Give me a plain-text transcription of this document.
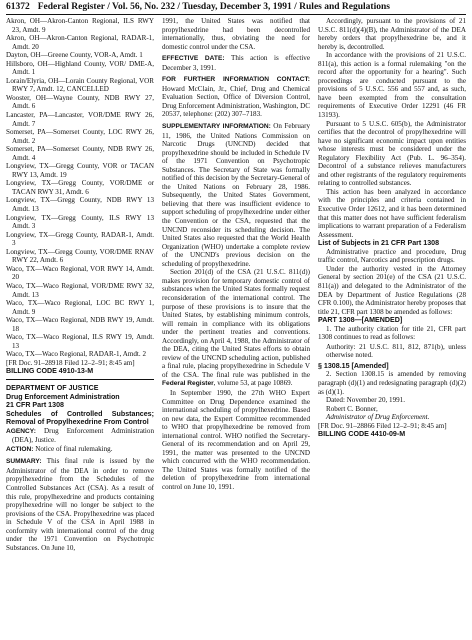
61372 Federal Register / Vol. 56, No. 232 / Tuesday, December 3, 1991 / Rules and Regulations

Akron, OH—Akron-Canton Regional, ILS RWY 23, Amdt. 9

Akron, OH—Akron-Canton Regional, RADAR-1, Amdt. 20

Dayton, OH—Greene County, VOR-A, Amdt. 1

Hillsboro, OH—Highland County, VOR/ DME-A, Amdt. 1

Lorain/Elyria, OH—Lorain County Regional, VOR RWY 7, Amdt. 12, CANCELLED

Wooster, OH—Wayne County, NDB RWY 27, Amdt. 6

Lancaster, PA—Lancaster, VOR/DME RWY 26, Amdt. 7

Somerset, PA—Somerset County, LOC RWY 26, Amdt. 2

Somerset, PA—Somerset County, NDB RWY 26, Amdt. 4

Longview, TX—Gregg County, VOR or TACAN RWY 13, Amdt. 19

Longview, TX—Gregg County, VOR/DME or TACAN RWY 31, Amdt. 6

Longview, TX—Gregg County, NDB RWY 13 Amdt. 13

Longview, TX—Gregg County, ILS RWY 13 Amdt. 3

Longview, TX—Gregg County, RADAR-1, Amdt. 3

Longview, TX—Gregg County, VOR/DME RNAV RWY 22, Amdt. 6

Waco, TX—Waco Regional, VOR RWY 14, Amdt. 20

Waco, TX—Waco Regional, VOR/DME RWY 32, Amdt. 13

Waco, TX—Waco Regional, LOC BC RWY 1, Amdt. 9

Waco, TX—Waco Regional, NDB RWY 19, Amdt. 18

Waco, TX—Waco Regional, ILS RWY 19, Amdt. 13

Waco, TX—Waco Regional, RADAR-1, Amdt. 2

[FR Doc. 91–28918 Filed 12–2–91; 8:45 am]

BILLING CODE 4910-13-M

DEPARTMENT OF JUSTICE

Drug Enforcement Administration

21 CFR Part 1308

Schedules of Controlled Substances; Removal of Propylhexedrine From Control

AGENCY: Drug Enforcement Administration (DEA), Justice.

ACTION: Notice of final rulemaking.

SUMMARY: This final rule is issued by the Administrator of the DEA in order to remove propylhexedrine from the Schedules of the Controlled Substances Act (CSA). As a result of this rule, propylhexedrine and products containing propylhexedrine will no longer be subject to the provisions of the CSA. Propylhexedrine was placed in Schedule V of the CSA in April 1988 in conformity with international control of the drug under the 1971 Convention on Psychotropic Substances. On June 10,

1991, the United States was notified that propylhexedrine had been decontrolled internationally, thus, obviating the need for domestic control under the CSA.

EFFECTIVE DATE: This action is effective December 3, 1991.

FOR FURTHER INFORMATION CONTACT: Howard McClain, Jr., Chief, Drug and Chemical Evaluation Section, Office of Diversion Control, Drug Enforcement Administration, Washington, DC 20537, telephone: (202) 307–7183.

SUPPLEMENTARY INFORMATION: On February 11, 1986, the United Nations Commission on Narcotic Drugs (UNCND) decided that propylhexedrine should be included in Schedule IV of the 1971 Convention on Psychotropic Substances. The Secretary of State was formally notified of this decision by the Secretary-General of the United Nations on February 28, 1986. Subsequently, the United States Government, believing that there was insufficient evidence to support scheduling of propylhexedrine under either the Convention or the CSA, requested that the UNCND reconsider its scheduling decision. The United States also requested that the World Health Organization (WHO) undertake a complete review of the UNCND's previous decision on the scheduling of propylhexedrine.

Section 201(d) of the CSA (21 U.S.C. 811(d)) makes provision for temporary domestic control of substances when the United States formally request reconsideration of the international control. The purpose of these provisions is to insure that the United States, by establishing minimum controls, will remain in compliance with its obligations under the pertinent treaties and conventions. Accordingly, on April 4, 1988, the Administrator of the DEA, citing the United States efforts to obtain review of the UNCND scheduling action, published a final rule, placing propylhexedrine in Schedule V of the CSA. The final rule was published in the Federal Register, volume 53, at page 10869.

In September 1990, the 27th WHO Expert Committee on Drug Dependence examined the international scheduling of propylhexedrine. Based on new data, the Expert Committee recommended to WHO that propylhexedrine be removed from international control. WHO notified the Secretary-General of its recommendation and on April 29, 1991, the matter was presented to the UNCND which concurred with the WHO recommendation. The United States was formally notified of the deletion of propylhexedrine from international control on June 10, 1991.

Accordingly, pursuant to the provisions of 21 U.S.C. 811(d)(4)(B), the Administrator of the DEA hereby orders that propylhexedrine be, and it hereby is, decontrolled.

In accordance with the provisions of 21 U.S.C. 811(a), this action is a formal rulemaking "on the record after the opportunity for a hearing". Such proceedings are conducted pursuant to the provisions of 5 U.S.C. 556 and 557 and, as such, have been exempted from the consultation requirements of Executive Order 12291 (46 FR 13193).

Pursuant to 5 U.S.C. 605(b), the Administrator certifies that the decontrol of propylhexedrine will have no significant economic impact upon entities whose interests must be considered under the Regulatory Flexibility Act (Pub. L. 96–354). Decontrol of a substance relieves manufacturers and other registrants of the regulatory requirements relating to controlled substances.

This action has been analyzed in accordance with the principles and criteria contained in Executive Order 12612, and it has been determined that this matter does not have sufficient federalism implications to warrant preparation of a Federalism Assessment.

List of Subjects in 21 CFR Part 1308

Administrative practice and procedure, Drug traffic control, Narcotics and prescription drugs.

Under the authority vested in the Attorney General by section 201(e) of the CSA (21 U.S.C. 811(a)) and delegated to the Administrator of the DEA by Department of Justice Regulations (28 CFR 0.100), the Administrator hereby proposes that title 21, CFR part 1308 be amended as follows:

PART 1308—[AMENDED]

1. The authority citation for title 21, CFR part 1308 continues to read as follows:

Authority: 21 U.S.C. 811, 812, 871(b), unless otherwise noted.

§ 1308.15 [Amended]

2. Section 1308.15 is amended by removing paragraph (d)(1) and redesignating paragraph (d)(2) as (d)(1).

Dated: November 20, 1991.

Robert C. Bonner,

Administrator of Drug Enforcement.

[FR Doc. 91–28866 Filed 12–2–91; 8:45 am]

BILLING CODE 4410-09-M
